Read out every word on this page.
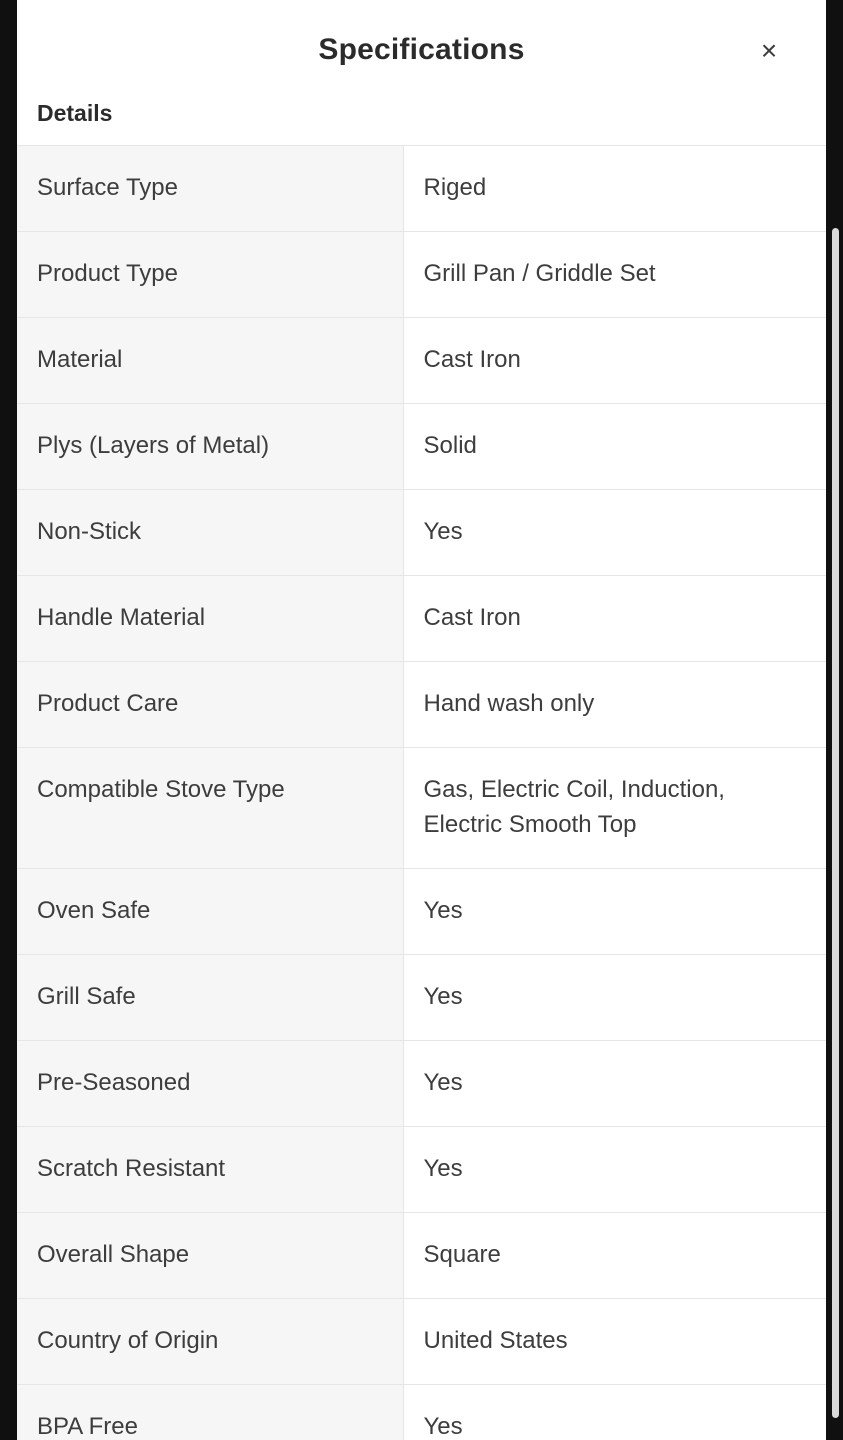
Specifications	×
Details
Surface Type	Riged
Product Type	Grill Pan / Griddle Set
Material	Cast Iron
Plys (Layers of Metal)	Solid
Non-Stick	Yes
Handle Material	Cast Iron
Product Care	Hand wash only
Compatible Stove Type	Gas, Electric Coil, Induction, Electric Smooth Top
Oven Safe	Yes
Grill Safe	Yes
Pre-Seasoned	Yes
Scratch Resistant	Yes
Overall Shape	Square
Country of Origin	United States
BPA Free	Yes
